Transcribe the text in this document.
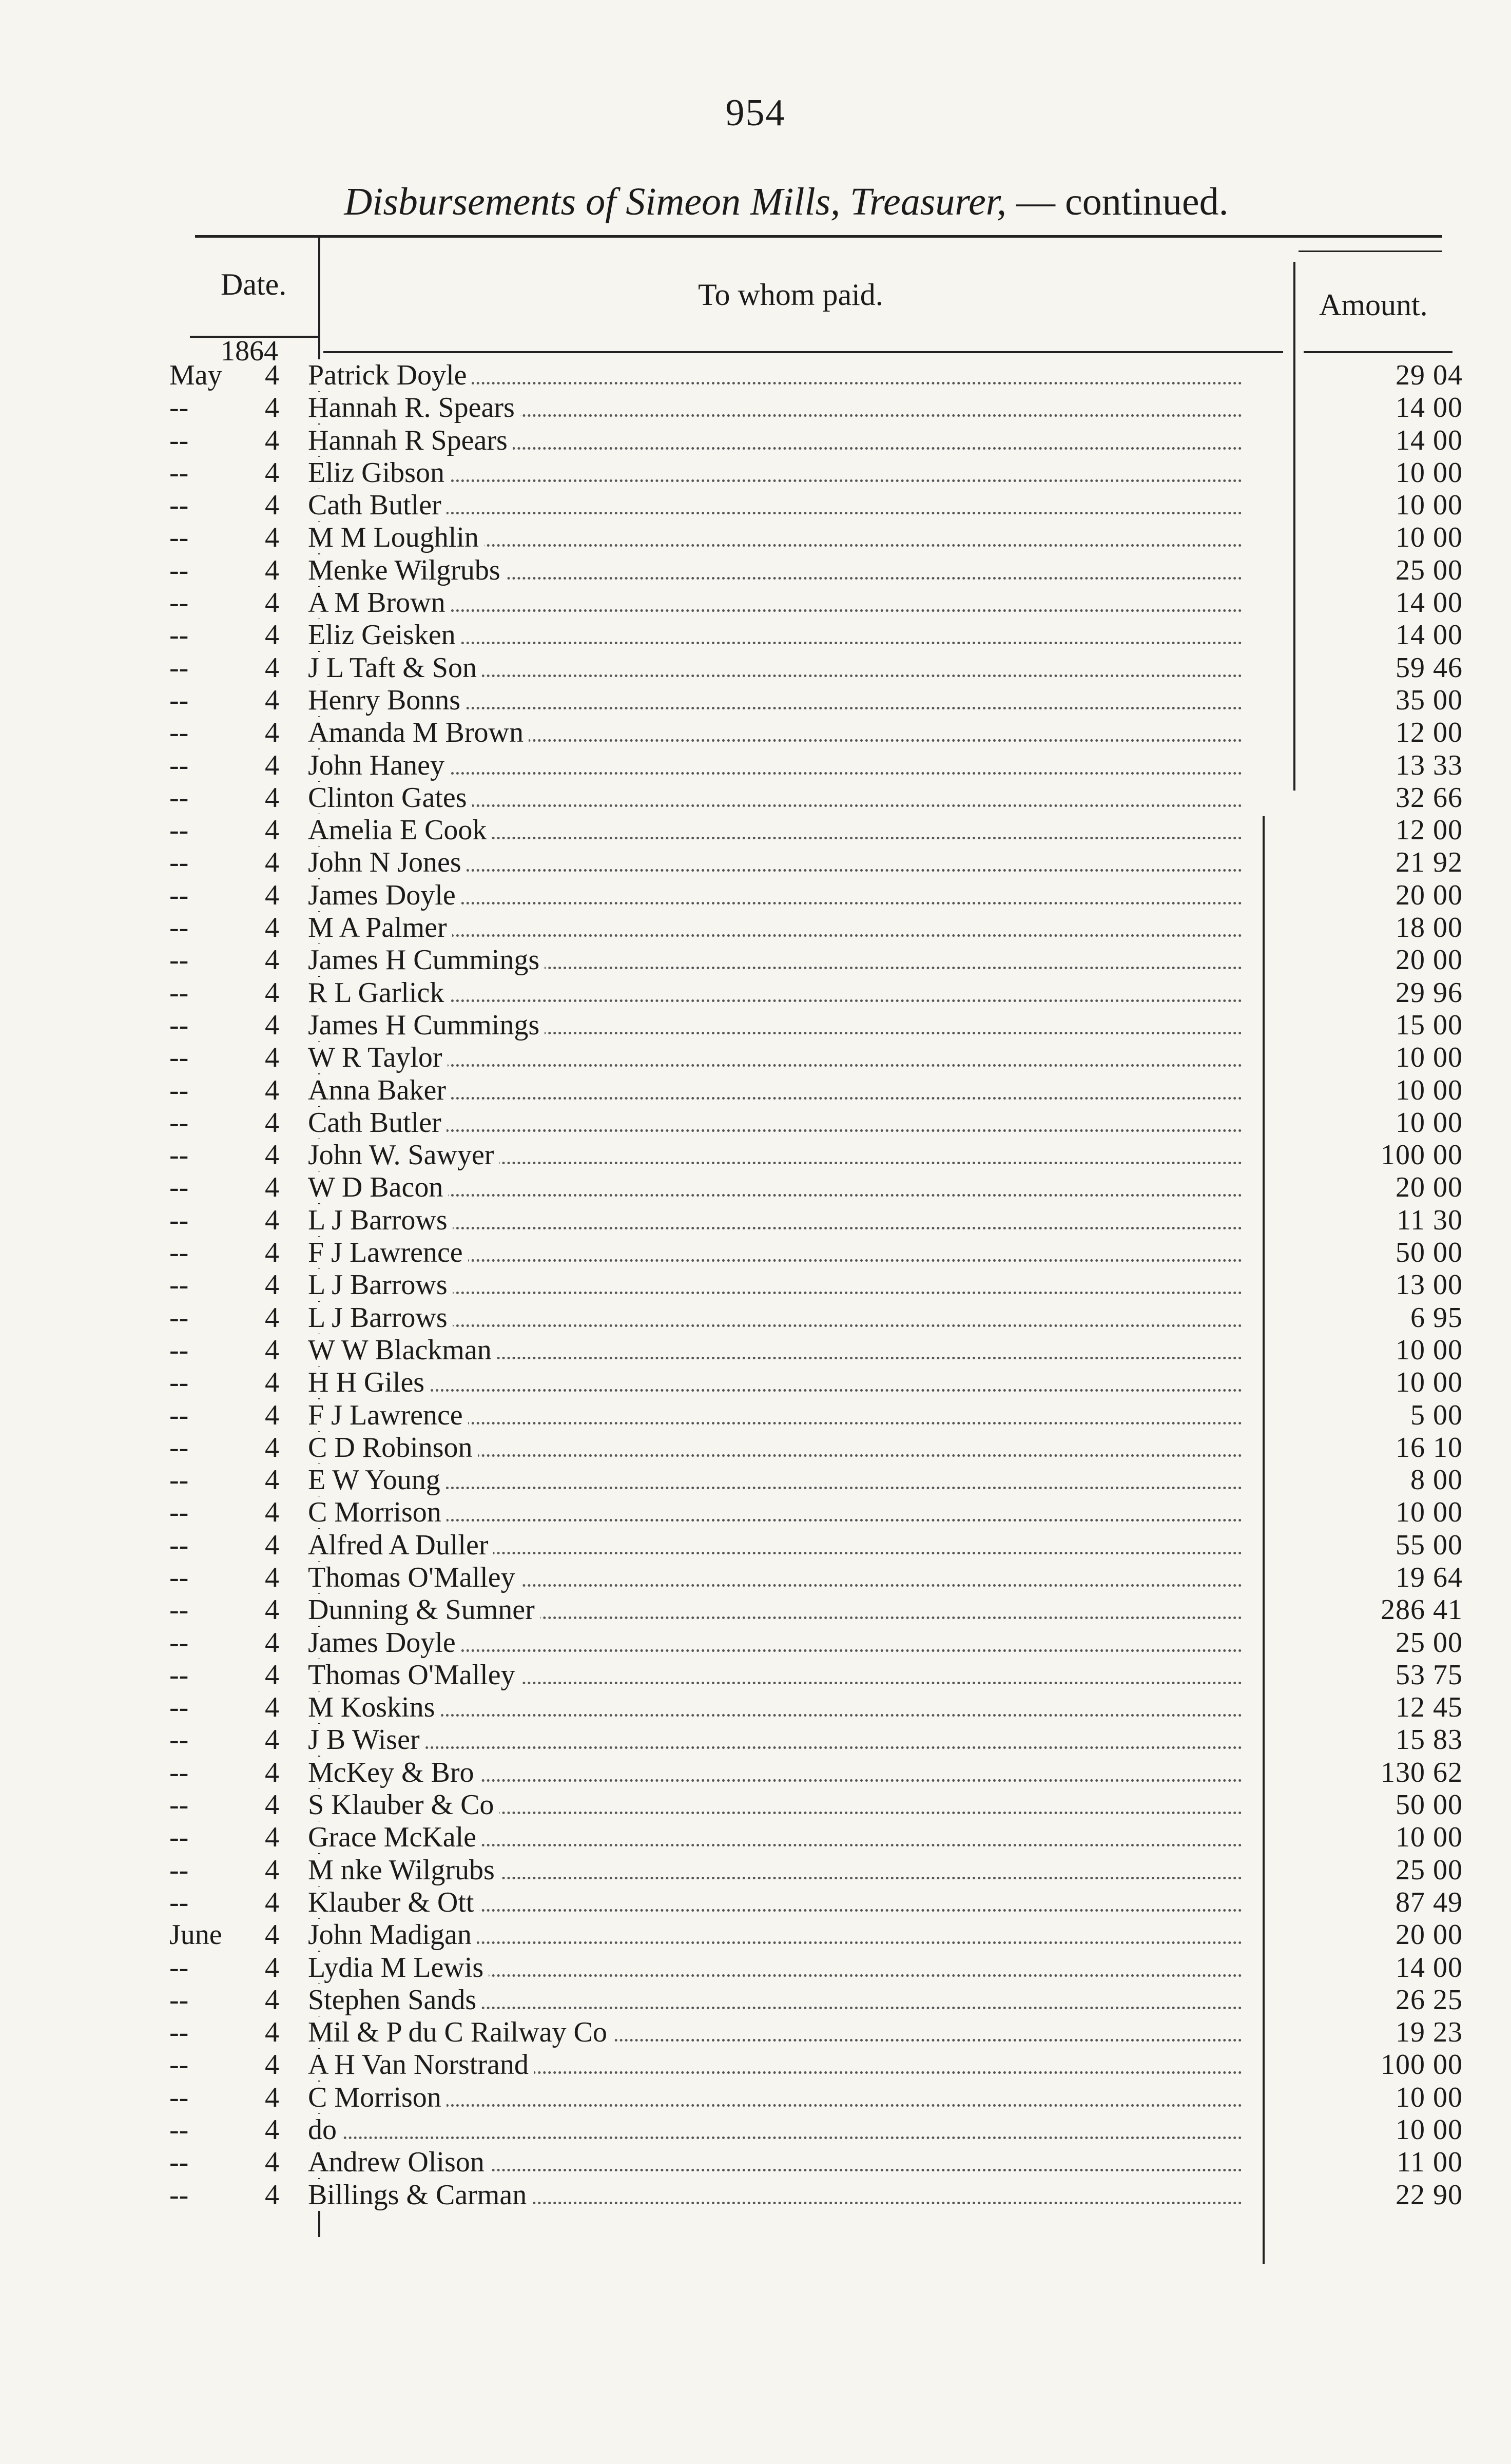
954
Disbursements of Simeon Mills, Treasurer, — continued.
Date.	To whom paid.	Amount.
1864
May	4	Patrick Doyle	29 04
--	4	Hannah R. Spears	14 00
--	4	Hannah R Spears	14 00
--	4	Eliz Gibson	10 00
--	4	Cath Butler	10 00
--	4	M M Loughlin	10 00
--	4	Menke Wilgrubs	25 00
--	4	A M Brown	14 00
--	4	Eliz Geisken	14 00
--	4	J L Taft & Son	59 46
--	4	Henry Bonns	35 00
--	4	Amanda M Brown	12 00
--	4	John Haney	13 33
--	4	Clinton Gates	32 66
--	4	Amelia E Cook	12 00
--	4	John N Jones	21 92
--	4	James Doyle	20 00
--	4	M A Palmer	18 00
--	4	James H Cummings	20 00
--	4	R L Garlick	29 96
--	4	James H Cummings	15 00
--	4	W R Taylor	10 00
--	4	Anna Baker	10 00
--	4	Cath Butler	10 00
--	4	John W. Sawyer	100 00
--	4	W D Bacon	20 00
--	4	L J Barrows	11 30
--	4	F J Lawrence	50 00
--	4	L J Barrows	13 00
--	4	L J Barrows	6 95
--	4	W W Blackman	10 00
--	4	H H Giles	10 00
--	4	F J Lawrence	5 00
--	4	C D Robinson	16 10
--	4	E W Young	8 00
--	4	C Morrison	10 00
--	4	Alfred A Duller	55 00
--	4	Thomas O'Malley	19 64
--	4	Dunning & Sumner	286 41
--	4	James Doyle	25 00
--	4	Thomas O'Malley	53 75
--	4	M Koskins	12 45
--	4	J B Wiser	15 83
--	4	McKey & Bro	130 62
--	4	S Klauber & Co	50 00
--	4	Grace McKale	10 00
--	4	M nke Wilgrubs	25 00
--	4	Klauber & Ott	87 49
June	4	John Madigan	20 00
--	4	Lydia M Lewis	14 00
--	4	Stephen Sands	26 25
--	4	Mil & P du C Railway Co	19 23
--	4	A H Van Norstrand	100 00
--	4	C Morrison	10 00
--	4	do	10 00
--	4	Andrew Olison	11 00
--	4	Billings & Carman	22 90
